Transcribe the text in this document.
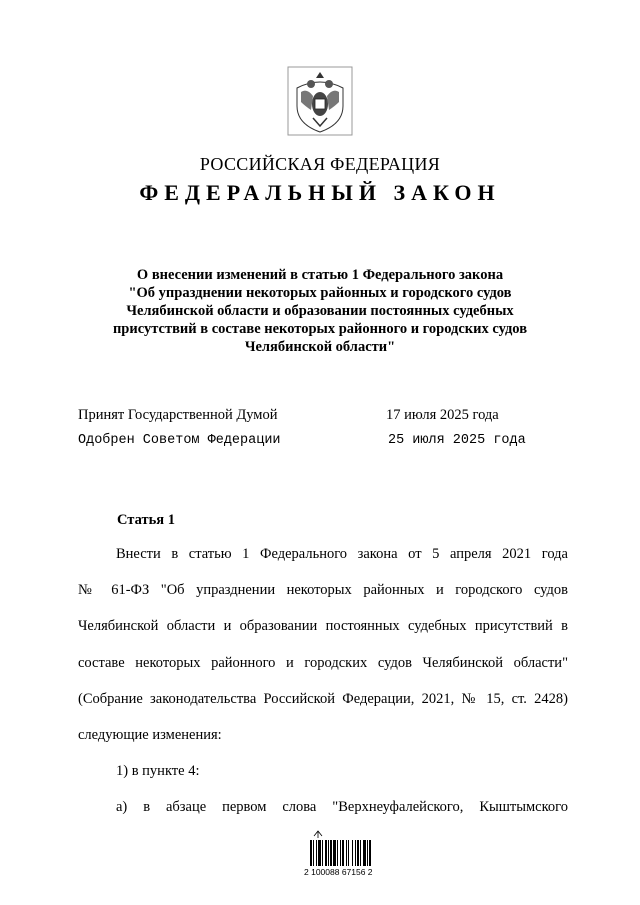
РОССИЙСКАЯ ФЕДЕРАЦИЯ
ФЕДЕРАЛЬНЫЙ ЗАКОН
О внесении изменений в статью 1 Федерального закона
"Об упразднении некоторых районных и городского судов
Челябинской области и образовании постоянных судебных
присутствий в составе некоторых районного и городских судов
Челябинской области"
Принят Государственной Думой	17 июля 2025 года
Одобрен Советом Федерации	25 июля 2025 года
Статья 1
Внести в статью 1 Федерального закона от 5 апреля 2021 года
№ 61-ФЗ "Об упразднении некоторых районных и городского судов
Челябинской области и образовании постоянных судебных присутствий в
составе некоторых районного и городских судов Челябинской области"
(Собрание законодательства Российской Федерации, 2021, № 15, ст. 2428)
следующие изменения:
1) в пункте 4:
а) в абзаце первом слова "Верхнеуфалейского, Кыштымского
2 100088 67156 2
